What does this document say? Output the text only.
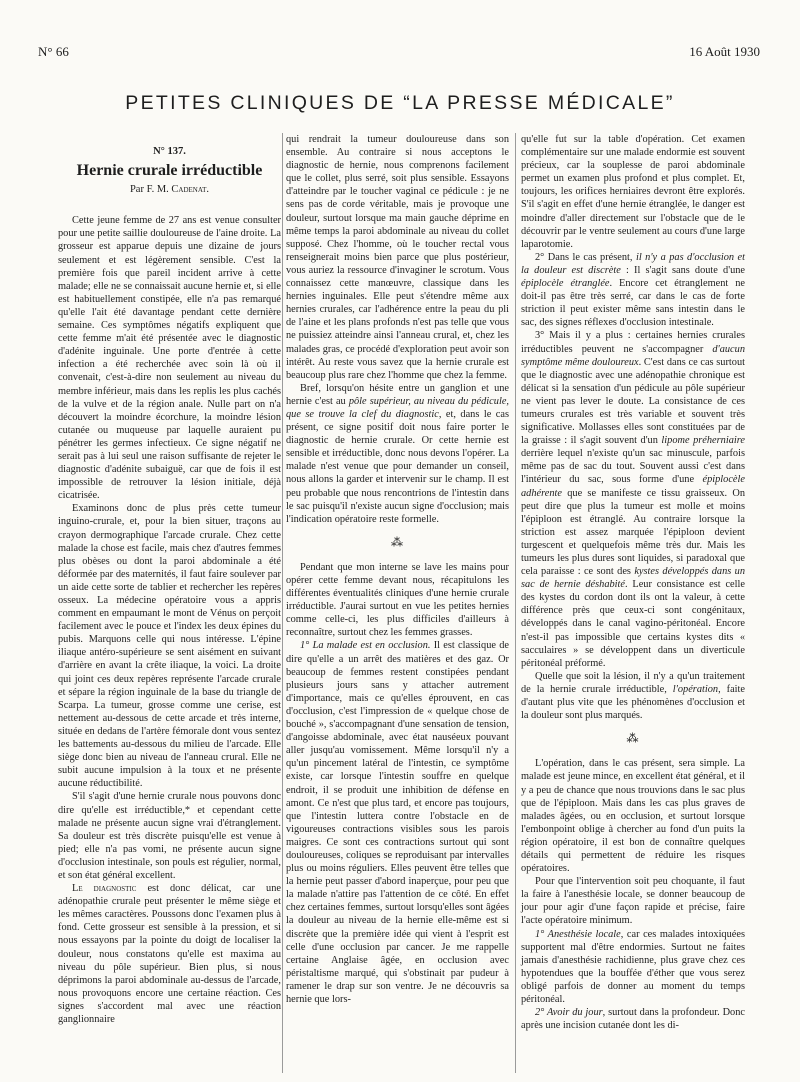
N° 66	16 Août 1930
PETITES CLINIQUES DE “LA PRESSE MÉDICALE”
N° 137.
Hernie crurale irréductible
Par F. M. Cadenat.

Cette jeune femme de 27 ans est venue consulter pour une petite saillie douloureuse de l'aine droite. La grosseur est apparue depuis une dizaine de jours seulement et est légèrement sensible. C'est la première fois que pareil incident arrive à cette malade; elle ne se connaissait aucune hernie et, si elle est habituellement constipée, elle n'a pas remarqué qu'elle l'ait été davantage pendant cette dernière semaine. Ces symptômes négatifs expliquent que cette femme m'ait été présentée avec le diagnostic d'adénite inguinale. Une porte d'entrée à cette infection a été recherchée avec soin là où il convenait, c'est-à-dire non seulement au niveau du membre inférieur, mais dans les replis les plus cachés de la vulve et de la région anale. Nulle part on n'a découvert la moindre écorchure, la moindre lésion cutanée ou muqueuse par laquelle auraient pu pénétrer les germes infectieux. Ce signe négatif ne serait pas à lui seul une raison suffisante de rejeter le diagnostic d'adénite subaiguë, car que de fois il est impossible de retrouver la lésion initiale, déjà cicatrisée.

Examinons donc de plus près cette tumeur inguino-crurale, et, pour la bien situer, traçons au crayon dermographique l'arcade crurale. Chez cette malade la chose est facile, mais chez d'autres femmes plus obèses ou dont la paroi abdominale a été déformée par des maternités, il faut faire soulever par un aide cette sorte de tablier et rechercher les repères osseux. La médecine opératoire vous a appris comment en empaumant le mont de Vénus on perçoit facilement avec le pouce et l'index les deux épines du pubis. Marquons celle qui nous intéresse. L'épine iliaque antéro-supérieure se sent aisément en suivant d'arrière en avant la crête iliaque, la voici. La droite qui joint ces deux repères représente l'arcade crurale et sépare la région inguinale de la base du triangle de Scarpa. La tumeur, grosse comme une cerise, est nettement au-dessous de cette arcade et très interne, située en dedans de l'artère fémorale dont vous sentez les battements au-dessous du milieu de l'arcade. Elle siège donc bien au niveau de l'anneau crural. Elle ne subit aucune impulsion à la toux et ne présente aucune réductibilité.

S'il s'agit d'une hernie crurale nous pouvons donc dire qu'elle est irréductible,* et cependant cette malade ne présente aucun signe vrai d'étranglement. Sa douleur est très discrète puisqu'elle est venue à pied; elle n'a pas vomi, ne présente aucun signe d'occlusion intestinale, son pouls est régulier, normal, et son état général excellent.

Le diagnostic est donc délicat, car une adénopathie crurale peut présenter le même siège et les mêmes caractères. Poussons donc l'examen plus à fond. Cette grosseur est sensible à la pression, et si nous essayons par la pointe du doigt de localiser la douleur, nous constatons qu'elle est maxima au niveau du pôle supérieur. Bien plus, si nous déprimons la paroi abdominale au-dessus de l'arcade, nous provoquons encore une certaine réaction. Ces signes s'accordent mal avec une réaction ganglionnaire

qui rendrait la tumeur douloureuse dans son ensemble. Au contraire si nous acceptons le diagnostic de hernie, nous comprenons facilement que le collet, plus serré, soit plus sensible. Essayons d'atteindre par le toucher vaginal ce pédicule : je ne sens pas de corde véritable, mais je provoque une douleur, surtout lorsque ma main gauche déprime en même temps la paroi abdominale au niveau du collet supposé. Chez l'homme, où le toucher rectal vous renseignerait moins bien parce que plus postérieur, vous auriez la ressource d'invaginer le scrotum. Vous connaissez cette manœuvre, classique dans les hernies inguinales. Elle peut s'étendre même aux hernies crurales, car l'adhérence entre la peau du pli de l'aine et les plans profonds n'est pas telle que vous ne puissiez atteindre ainsi l'anneau crural, et, chez les malades gras, ce procédé d'exploration peut avoir son intérêt. Au reste vous savez que la hernie crurale est beaucoup plus rare chez l'homme que chez la femme.

Bref, lorsqu'on hésite entre un ganglion et une hernie c'est au pôle supérieur, au niveau du pédicule, que se trouve la clef du diagnostic, et, dans le cas présent, ce signe positif doit nous faire porter le diagnostic de hernie crurale. Or cette hernie est sensible et irréductible, donc nous devons l'opérer. La malade n'est venue que pour demander un conseil, nous allons la garder et intervenir sur le champ. Il est peu probable que nous rencontrions de l'intestin dans le sac puisqu'il n'existe aucun signe d'occlusion; mais l'indication opératoire reste formelle.

⁂

Pendant que mon interne se lave les mains pour opérer cette femme devant nous, récapitulons les différentes éventualités cliniques d'une hernie crurale irréductible. J'aurai surtout en vue les petites hernies comme celle-ci, les plus difficiles d'ailleurs à reconnaître, surtout chez les femmes grasses.

1° La malade est en occlusion. Il est classique de dire qu'elle a un arrêt des matières et des gaz. Or beaucoup de femmes restent constipées pendant plusieurs jours sans y attacher autrement d'importance, mais ce qu'elles éprouvent, en cas d'occlusion, c'est l'impression de « quelque chose de bouché », s'accompagnant d'une sensation de tension, d'angoisse abdominale, avec état nauséeux pouvant aller jusqu'au vomissement. Même lorsqu'il n'y a qu'un pincement latéral de l'intestin, ce symptôme existe, car lorsque l'intestin souffre en quelque endroit, il se produit une inhibition de défense en amont. Ce n'est que plus tard, et encore pas toujours, que l'intestin luttera contre l'obstacle en de vigoureuses contractions visibles sous les parois maigres. Ce sont ces contractions surtout qui sont douloureuses, coliques se reproduisant par intervalles plus ou moins réguliers. Elles peuvent être telles que la hernie peut passer d'abord inaperçue, pour peu que la malade n'attire pas l'attention de ce côté. En effet chez certaines femmes, surtout lorsqu'elles sont âgées la douleur au niveau de la hernie elle-même est si discrète que la première idée qui vient à l'esprit est celle d'une occlusion par cancer. Je me rappelle certaine Anglaise âgée, en occlusion avec péristaltisme marqué, qui s'obstinait par pudeur à ramener le drap sur son ventre. Je ne découvris sa hernie que lors-

qu'elle fut sur la table d'opération. Cet examen complémentaire sur une malade endormie est souvent précieux, car la souplesse de paroi abdominale permet un examen plus profond et plus complet. Et, toujours, les orifices herniaires devront être explorés. S'il s'agit en effet d'une hernie étranglée, le danger est moindre d'aller directement sur l'obstacle que de le découvrir par le ventre seulement au cours d'une large laparotomie.

2° Dans le cas présent, il n'y a pas d'occlusion et la douleur est discrète : Il s'agit sans doute d'une épiplocèle étranglée. Encore cet étranglement ne doit-il pas être très serré, car dans le cas de forte striction il peut exister même sans intestin dans le sac, des signes réflexes d'occlusion intestinale.

3° Mais il y a plus : certaines hernies crurales irréductibles peuvent ne s'accompagner d'aucun symptôme même douloureux. C'est dans ce cas surtout que le diagnostic avec une adénopathie chronique est délicat si la sensation d'un pédicule au pôle supérieur ne vient pas lever le doute. La consistance de ces tumeurs crurales est très variable et souvent très significative. Mollasses elles sont constituées par de la graisse : il s'agit souvent d'un lipome préherniaire derrière lequel n'existe qu'un sac minuscule, parfois même pas de sac du tout. Souvent aussi c'est dans l'intérieur du sac, sous forme d'une épiplocèle adhérente que se manifeste ce tissu graisseux. On peut dire que plus la tumeur est molle et moins l'épiploon est étranglé. Au contraire lorsque la striction est assez marquée l'épiploon devient turgescent et quelquefois même très dur. Mais les tumeurs les plus dures sont liquides, si paradoxal que cela paraisse : ce sont des kystes développés dans un sac de hernie déshabité. Leur consistance est celle des kystes du cordon dont ils ont la valeur, à cette différence près que ceux-ci sont congénitaux, développés dans le canal vagino-péritonéal. Encore n'est-il pas impossible que certains kystes dits « sacculaires » se développent dans un diverticule péritonéal préformé.

Quelle que soit la lésion, il n'y a qu'un traitement de la hernie crurale irréductible, l'opération, faite d'autant plus vite que les phénomènes d'occlusion et la douleur sont plus marqués.

⁂

L'opération, dans le cas présent, sera simple. La malade est jeune mince, en excellent état général, et il y a peu de chance que nous trouvions dans le sac plus que de l'épiploon. Mais dans les cas plus graves de malades âgées, ou en occlusion, et surtout lorsque l'embonpoint oblige à chercher au fond d'un puits la région opératoire, il est bon de connaître quelques détails qui permettent de réduire les risques opératoires.

Pour que l'intervention soit peu choquante, il faut la faire à l'anesthésie locale, se donner beaucoup de jour pour agir d'une façon rapide et précise, faire l'acte opératoire minimum.

1° Anesthésie locale, car ces malades intoxiquées supportent mal d'être endormies. Surtout ne faites jamais d'anesthésie rachidienne, plus grave chez ces hypotendues que la bouffée d'éther que vous serez obligé parfois de donner au moment du temps péritonéal.

2° Avoir du jour, surtout dans la profondeur. Donc après une incision cutanée dont les di-
